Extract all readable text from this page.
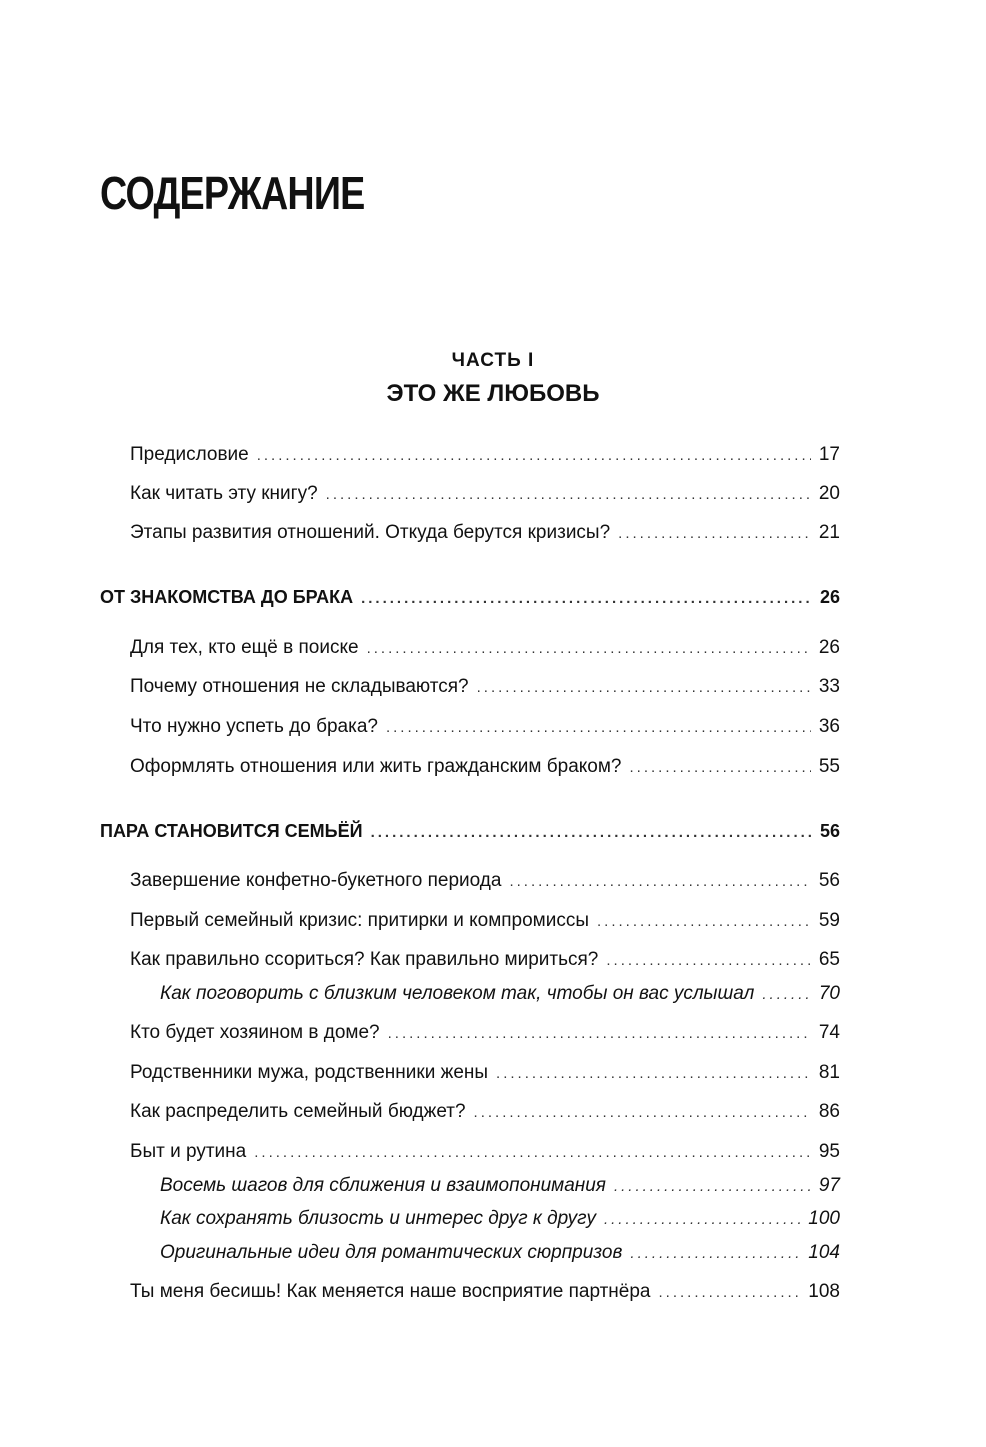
СОДЕРЖАНИЕ
ЧАСТЬ I
ЭТО ЖЕ ЛЮБОВЬ
Предисловие .....	17
Как читать эту книгу? .....	20
Этапы развития отношений. Откуда берутся кризисы? .....	21
ОТ ЗНАКОМСТВА ДО БРАКА .....	26
Для тех, кто ещё в поиске .....	26
Почему отношения не складываются? .....	33
Что нужно успеть до брака? .....	36
Оформлять отношения или жить гражданским браком? .....	55
ПАРА СТАНОВИТСЯ СЕМЬЁЙ .....	56
Завершение конфетно-букетного периода .....	56
Первый семейный кризис: притирки и компромиссы .....	59
Как правильно ссориться? Как правильно мириться? .....	65
Как поговорить с близким человеком так, чтобы он вас услышал .....	70
Кто будет хозяином в доме? .....	74
Родственники мужа, родственники жены .....	81
Как распределить семейный бюджет? .....	86
Быт и рутина .....	95
Восемь шагов для сближения и взаимопонимания .....	97
Как сохранять близость и интерес друг к другу .....	100
Оригинальные идеи для романтических сюрпризов .....	104
Ты меня бесишь! Как меняется наше восприятие партнёра .....	108
